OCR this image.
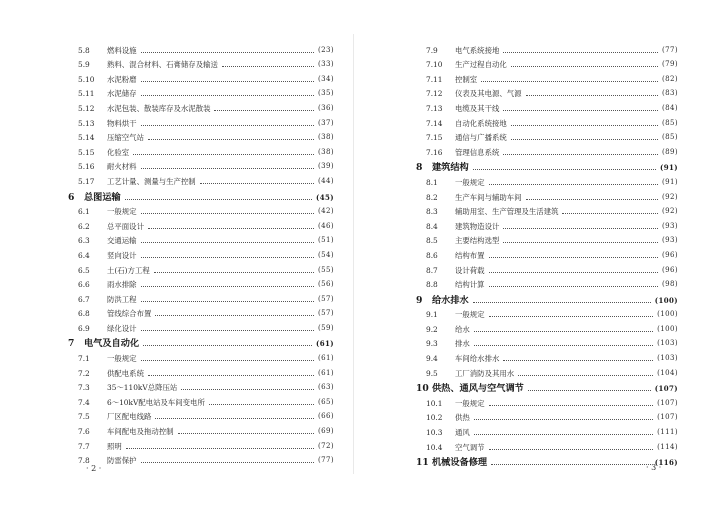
5.8	燃料设施	(23)
5.9	熟料、混合材料、石膏储存及输送	(33)
5.10	水泥粉磨	(34)
5.11	水泥储存	(35)
5.12	水泥包装、散装库存及水泥散装	(36)
5.13	物料烘干	(37)
5.14	压缩空气站	(38)
5.15	化验室	(38)
5.16	耐火材料	(39)
5.17	工艺计量、测量与生产控制	(44)
6	总图运输	(45)
6.1	一般规定	(42)
6.2	总平面设计	(46)
6.3	交通运输	(51)
6.4	竖向设计	(54)
6.5	土(石)方工程	(55)
6.6	雨水排除	(56)
6.7	防洪工程	(57)
6.8	管线综合布置	(57)
6.9	绿化设计	(59)
7	电气及自动化	(61)
7.1	一般规定	(61)
7.2	供配电系统	(61)
7.3	35～110kV总降压站	(63)
7.4	6～10kV配电站及车间变电所	(65)
7.5	厂区配电线路	(66)
7.6	车间配电及拖动控制	(69)
7.7	照明	(72)
7.8	防雷保护	(77)
· 2 ·
7.9	电气系统接地	(77)
7.10	生产过程自动化	(79)
7.11	控制室	(82)
7.12	仪表及其电源、气源	(83)
7.13	电缆及其干线	(84)
7.14	自动化系统接地	(85)
7.15	通信与广播系统	(85)
7.16	管理信息系统	(89)
8	建筑结构	(91)
8.1	一般规定	(91)
8.2	生产车间与辅助车间	(92)
8.3	辅助用室、生产管理及生活建筑	(92)
8.4	建筑物造设计	(93)
8.5	主要结构选型	(93)
8.6	结构布置	(96)
8.7	设计荷载	(96)
8.8	结构计算	(98)
9	给水排水	(100)
9.1	一般规定	(100)
9.2	给水	(100)
9.3	排水	(103)
9.4	车间给水排水	(103)
9.5	工厂消防及其用水	(104)
10 供热、通风与空气调节	(107)
10.1	一般规定	(107)
10.2	供热	(107)
10.3	通风	(111)
10.4	空气调节	(114)
11 机械设备修理	(116)
· 3 ·
